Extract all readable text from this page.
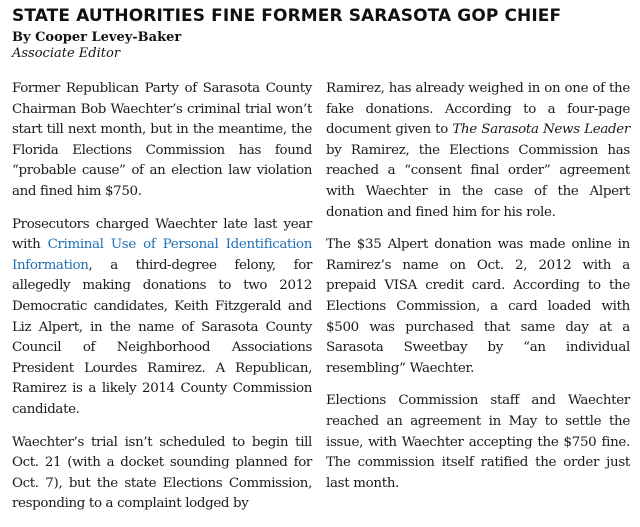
STATE AUTHORITIES FINE FORMER SARASOTA GOP CHIEF
By Cooper Levey-Baker
Associate Editor

Former Republican Party of Sarasota County Chairman Bob Waechter’s criminal trial won’t start till next month, but in the meantime, the Florida Elections Commission has found “probable cause” of an election law violation and fined him $750.

Prosecutors charged Waechter late last year with Criminal Use of Personal Identification Information, a third-degree felony, for allegedly making donations to two 2012 Democratic candidates, Keith Fitzgerald and Liz Alpert, in the name of Sarasota County Council of Neighborhood Associations President Lourdes Ramirez. A Republican, Ramirez is a likely 2014 County Commission candidate.

Waechter’s trial isn’t scheduled to begin till Oct. 21 (with a docket sounding planned for Oct. 7), but the state Elections Commission, responding to a complaint lodged by

Ramirez, has already weighed in on one of the fake donations. According to a four-page document given to The Sarasota News Leader by Ramirez, the Elections Commission has reached a “consent final order” agreement with Waechter in the case of the Alpert donation and fined him for his role.

The $35 Alpert donation was made online in Ramirez’s name on Oct. 2, 2012 with a prepaid VISA credit card. According to the Elections Commission, a card loaded with $500 was purchased that same day at a Sarasota Sweetbay by “an individual resembling” Waechter.

Elections Commission staff and Waechter reached an agreement in May to settle the issue, with Waechter accepting the $750 fine. The commission itself ratified the order just last month.
